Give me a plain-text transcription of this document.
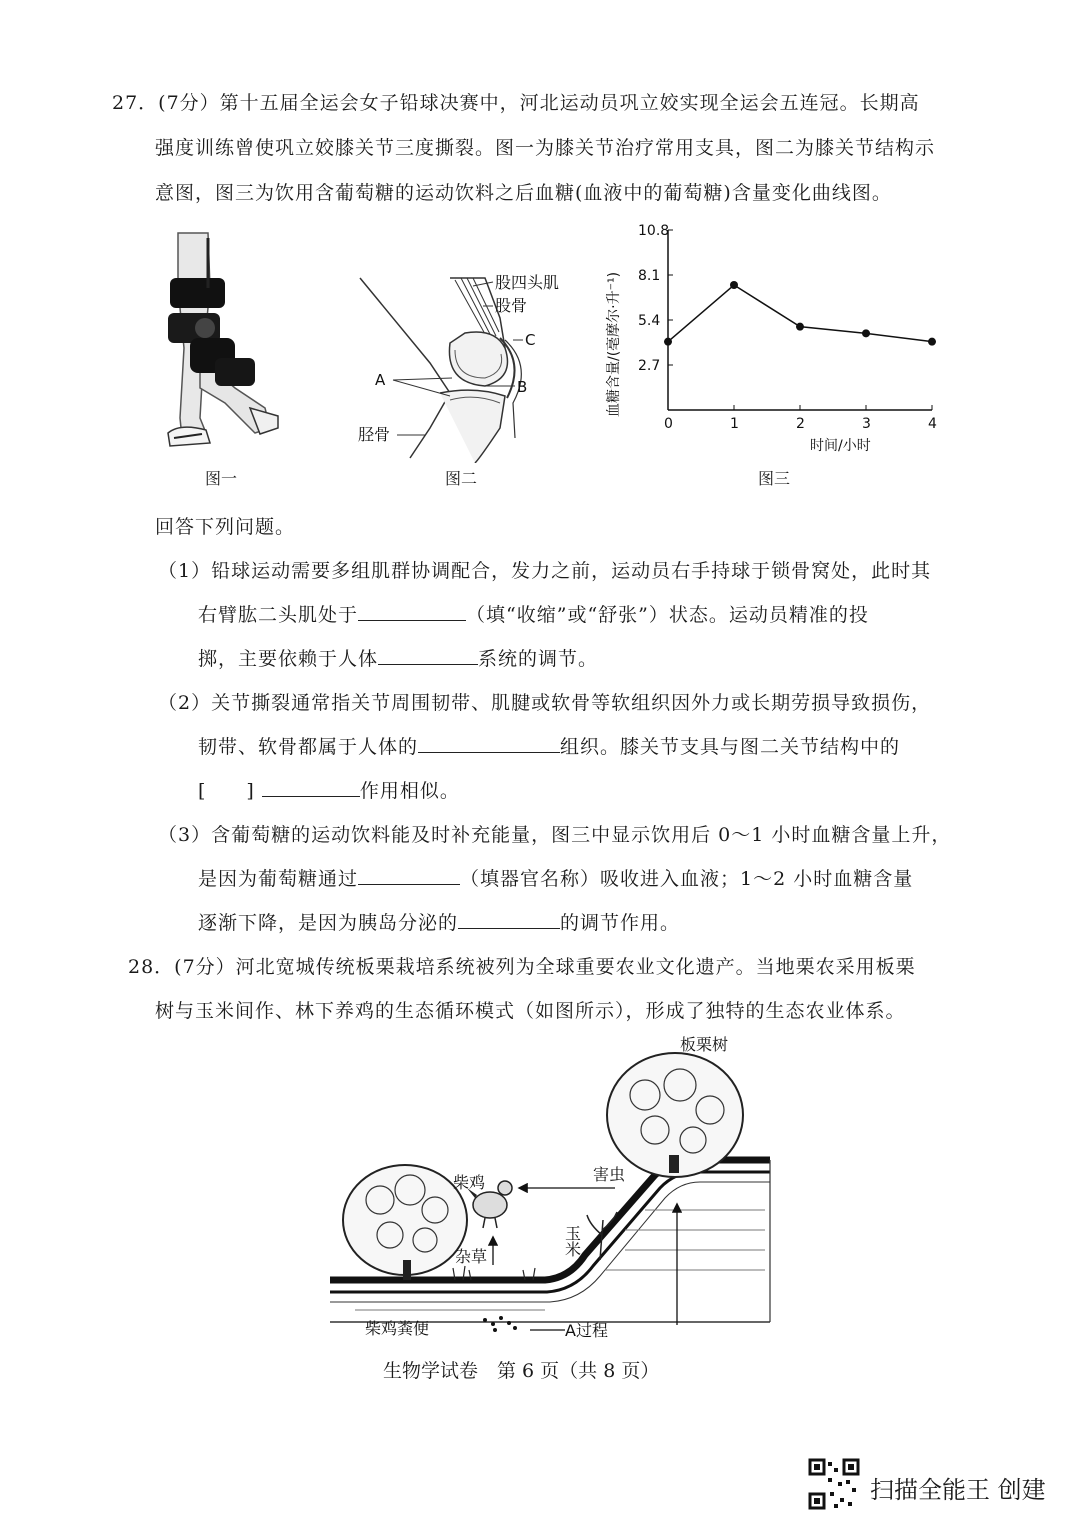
27．(7分）第十五届全运会女子铅球决赛中，河北运动员巩立姣实现全运会五连冠。长期高
强度训练曾使巩立姣膝关节三度撕裂。图一为膝关节治疗常用支具，图二为膝关节结构示
意图，图三为饮用含葡萄糖的运动饮料之后血糖(血液中的葡萄糖)含量变化曲线图。
图一
股四头肌
股骨
C
A	B
胫骨
图二
0	1	2	3	4
2.7
5.4
8.1
10.8
血糖含量/(毫摩尔·升⁻¹)
时间/小时
图三
回答下列问题。
（1）铅球运动需要多组肌群协调配合，发力之前，运动员右手持球于锁骨窝处，此时其
右臂肱二头肌处于	（填“收缩”或“舒张”）状态。运动员精准的投
掷，主要依赖于人体	系统的调节。
（2）关节撕裂通常指关节周围韧带、肌腱或软骨等软组织因外力或长期劳损导致损伤，
韧带、软骨都属于人体的	组织。膝关节支具与图二关节结构中的
[　　]	作用相似。
（3）含葡萄糖的运动饮料能及时补充能量，图三中显示饮用后 0～1 小时血糖含量上升，
是因为葡萄糖通过	（填器官名称）吸收进入血液；1～2 小时血糖含量
逐渐下降，是因为胰岛分泌的	的调节作用。
28．(7分）河北宽城传统板栗栽培系统被列为全球重要农业文化遗产。当地栗农采用板栗
树与玉米间作、林下养鸡的生态循环模式（如图所示），形成了独特的生态农业体系。
板栗树
柴鸡	害虫
玉米
杂草
柴鸡粪便	A过程
生物学试卷　第 6 页（共 8 页）
扫描全能王 创建
